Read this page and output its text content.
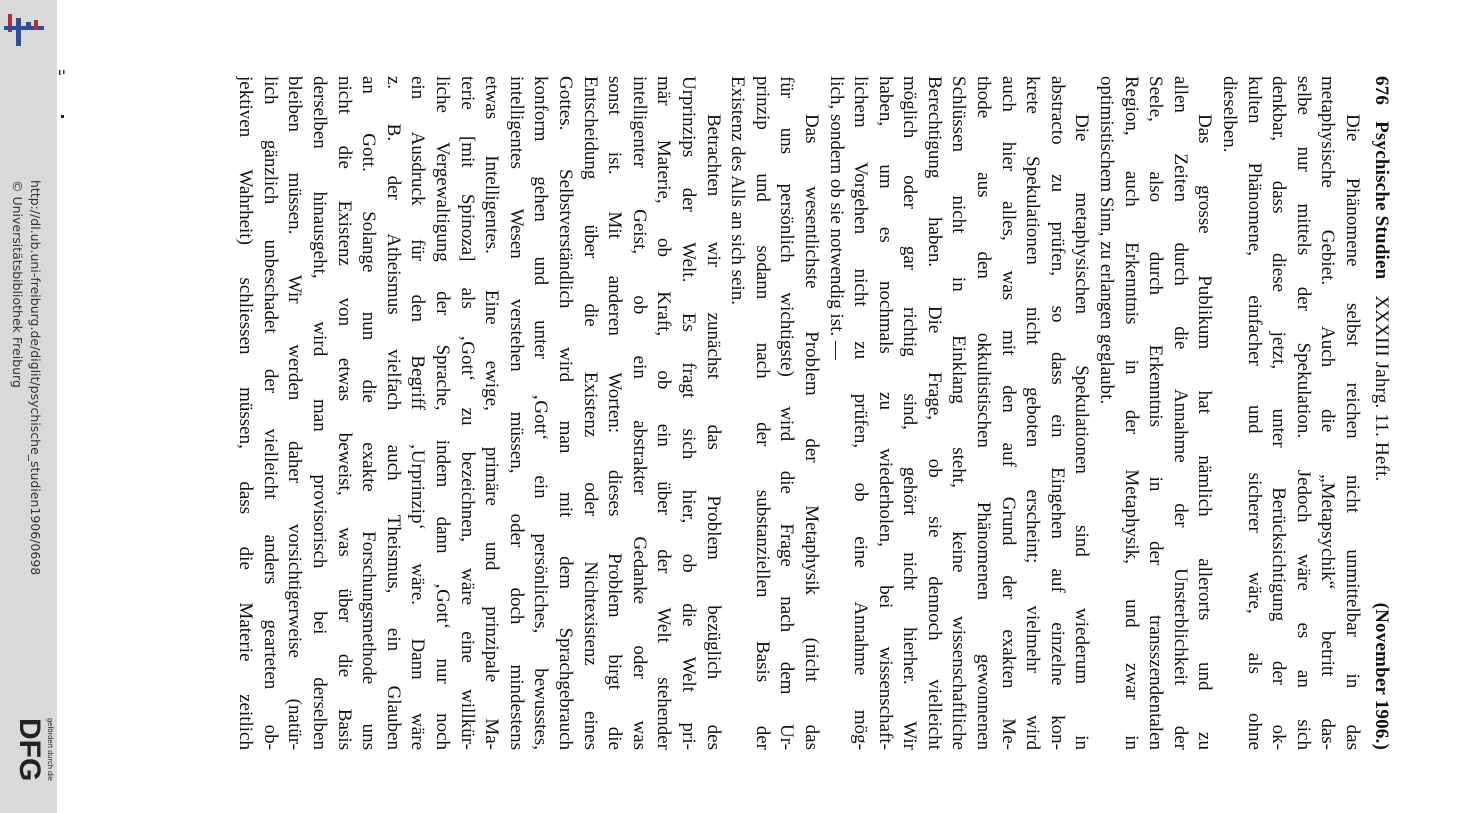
http://dl.ub.uni-freiburg.de/diglit/psychische_studien1906/0698
© Universitätsbibliothek Freiburg
DFG gefördert durch die
676
Psychische Studien
XXXIII Jahrg. 11. Heft.
(November 1906.)

Die Phänomene selbst reichen nicht unmittelbar in das
metaphysische Gebiet. Auch die „Metapsychik“ betritt das-
selbe nur mittels der Spekulation. Jedoch wäre es an sich
denkbar, dass diese jetzt, unter Berücksichtigung der ok-
kulten Phänomene, einfacher und sicherer wäre, als ohne
dieselben.

Das grosse Publikum hat nämlich allerorts und zu
allen Zeiten durch die Annahme der Unsterblichkeit der
Seele, also durch Erkenntnis in der transszendentalen
Region, auch Erkenntnis in der Metaphysik, und zwar in
optimistischem Sinn, zu erlangen geglaubt.

Die metaphysischen Spekulationen sind wiederum in
abstracto zu prüfen, so dass ein Eingehen auf einzelne kon-
krete Spekulationen nicht geboten erscheint; vielmehr wird
auch hier alles, was mit den auf Grund der exakten Me-
thode aus den okkultistischen Phänomenen gewonnenen
Schlüssen nicht in Einklang steht, keine wissenschaftliche
Berechtigung haben. Die Frage, ob sie dennoch vielleicht
möglich oder gar richtig sind, gehört nicht hierher. Wir
haben, um es nochmals zu wiederholen, bei wissenschaft-
lichem Vorgehen nicht zu prüfen, ob eine Annahme mög-
lich, sondern ob sie notwendig ist. —

Das wesentlichste Problem der Metaphysik (nicht das
für uns persönlich wichtigste) wird die Frage nach dem Ur-
prinzip und sodann nach der substanziellen Basis der
Existenz des Alls an sich sein.

Betrachten wir zunächst das Problem bezüglich des
Urprinzips der Welt. Es fragt sich hier, ob die Welt pri-
mär Materie, ob Kraft, ob ein über der Welt stehender
intelligenter Geist, ob ein abstrakter Gedanke oder was
sonst ist. Mit anderen Worten: dieses Problem birgt die
Entscheidung über die Existenz oder Nichtexistenz eines
Gottes. Selbstverständlich wird man mit dem Sprachgebrauch
konform gehen und unter ‚Gott‘ ein persönliches, bewusstes,
intelligentes Wesen verstehen müssen, oder doch mindestens
etwas Intelligentes. Eine ewige, primäre und prinzipale Ma-
terie [mit Spinoza] als ‚Gott‘ zu bezeichnen, wäre eine willkür-
liche Vergewaltigung der Sprache, indem dann ‚Gott‘ nur noch
ein Ausdruck für den Begriff ‚Urprinzip‘ wäre. Dann wäre
z. B. der Atheismus vielfach auch Theismus, ein Glauben
an Gott. Solange nun die exakte Forschungsmethode uns
nicht die Existenz von etwas beweist, was über die Basis
derselben hinausgeht, wird man provisorisch bei derselben
bleiben müssen. Wir werden daher vorsichtigerweise (natür-
lich gänzlich unbeschadet der vielleicht anders gearteten ob-
jektiven Wahrheit) schliessen müssen, dass die Materie zeitlich
